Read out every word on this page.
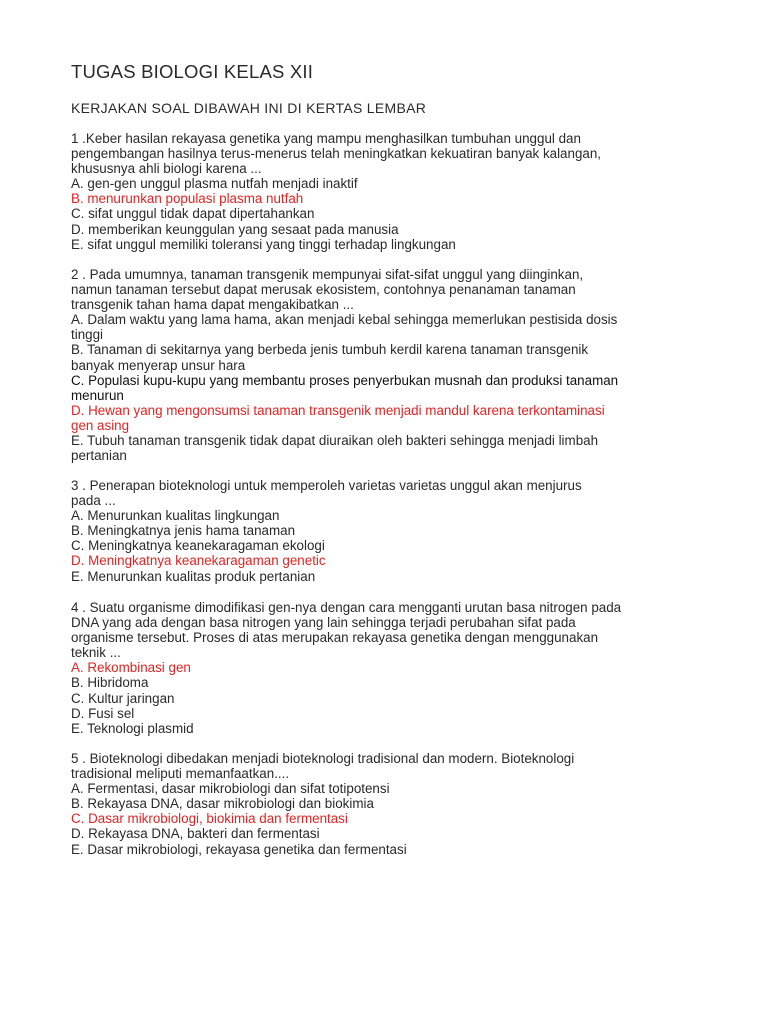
TUGAS BIOLOGI KELAS XII
KERJAKAN SOAL DIBAWAH INI DI KERTAS LEMBAR
1 .Keber hasilan rekayasa genetika yang mampu menghasilkan tumbuhan unggul dan
pengembangan hasilnya terus-menerus telah meningkatkan kekuatiran banyak kalangan,
khususnya ahli biologi karena ...
A. gen-gen unggul plasma nutfah menjadi inaktif
B. menurunkan populasi plasma nutfah
C. sifat unggul tidak dapat dipertahankan
D. memberikan keunggulan yang sesaat pada manusia
E. sifat unggul memiliki toleransi yang tinggi terhadap lingkungan
2 . Pada umumnya, tanaman transgenik mempunyai sifat-sifat unggul yang diinginkan,
namun tanaman tersebut dapat merusak ekosistem, contohnya penanaman tanaman
transgenik tahan hama dapat mengakibatkan ...
A. Dalam waktu yang lama hama, akan menjadi kebal sehingga memerlukan pestisida dosis
tinggi
B. Tanaman di sekitarnya yang berbeda jenis tumbuh kerdil karena tanaman transgenik
banyak menyerap unsur hara
C. Populasi kupu-kupu yang membantu proses penyerbukan musnah dan produksi tanaman
menurun
D. Hewan yang mengonsumsi tanaman transgenik menjadi mandul karena terkontaminasi
gen asing
E. Tubuh tanaman transgenik tidak dapat diuraikan oleh bakteri sehingga menjadi limbah
pertanian
3 . Penerapan bioteknologi untuk memperoleh varietas varietas unggul akan menjurus
pada ...
A. Menurunkan kualitas lingkungan
B. Meningkatnya jenis hama tanaman
C. Meningkatnya keanekaragaman ekologi
D. Meningkatnya keanekaragaman genetic
E. Menurunkan kualitas produk pertanian
4 . Suatu organisme dimodifikasi gen-nya dengan cara mengganti urutan basa nitrogen pada
DNA yang ada dengan basa nitrogen yang lain sehingga terjadi perubahan sifat pada
organisme tersebut. Proses di atas merupakan rekayasa genetika dengan menggunakan
teknik ...
A. Rekombinasi gen
B. Hibridoma
C. Kultur jaringan
D. Fusi sel
E. Teknologi plasmid
5 . Bioteknologi dibedakan menjadi bioteknologi tradisional dan modern. Bioteknologi
tradisional meliputi memanfaatkan....
A. Fermentasi, dasar mikrobiologi dan sifat totipotensi
B. Rekayasa DNA, dasar mikrobiologi dan biokimia
C. Dasar mikrobiologi, biokimia dan fermentasi
D. Rekayasa DNA, bakteri dan fermentasi
E. Dasar mikrobiologi, rekayasa genetika dan fermentasi
